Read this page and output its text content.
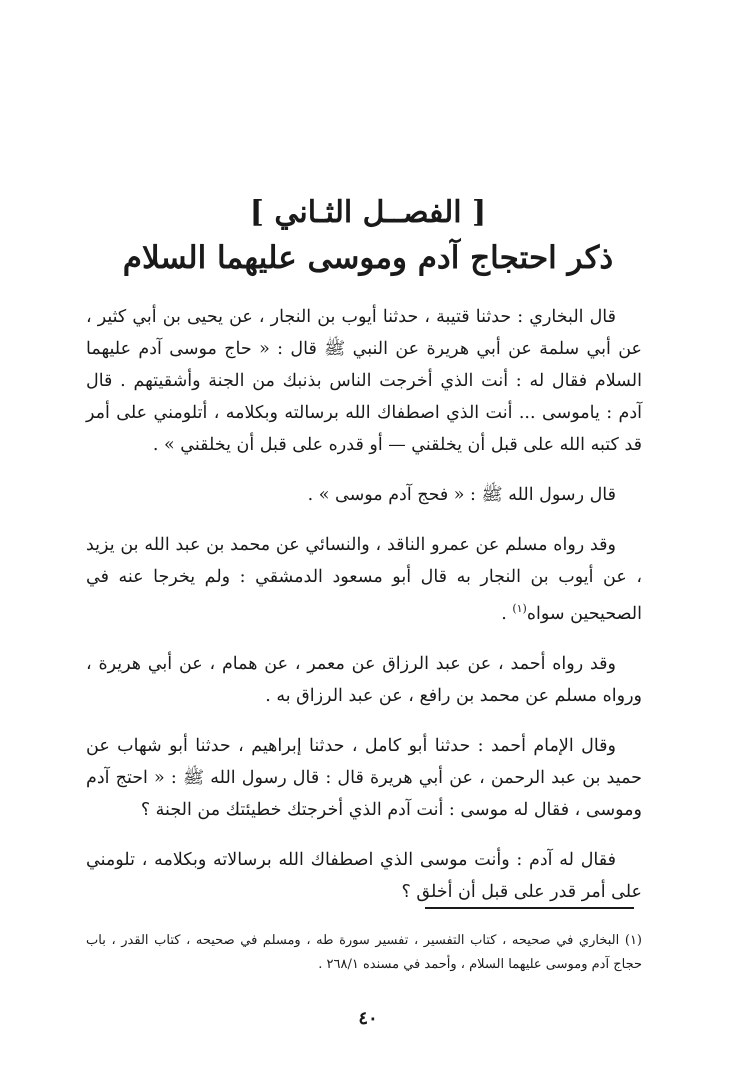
[ الفصــل الثـاني ]
ذكر احتجاج آدم وموسى عليهما السلام

قال البخاري : حدثنا قتيبة ، حدثنا أيوب بن النجار ، عن يحيى بن أبي كثير ، عن أبي سلمة عن أبي هريرة عن النبي ﷺ قال : « حاج موسى آدم عليهما السلام فقال له : أنت الذي أخرجت الناس بذنبك من الجنة وأشقيتهم . قال آدم : ياموسى ... أنت الذي اصطفاك الله برسالته وبكلامه ، أتلومني على أمر قد كتبه الله على قبل أن يخلقني — أو قدره على قبل أن يخلقني » .

قال رسول الله ﷺ : « فحج آدم موسى » .

وقد رواه مسلم عن عمرو الناقد ، والنسائي عن محمد بن عبد الله بن يزيد ، عن أيوب بن النجار به قال أبو مسعود الدمشقي : ولم يخرجا عنه في الصحيحين سواه$^{(١)}$ .

وقد رواه أحمد ، عن عبد الرزاق عن معمر ، عن همام ، عن أبي هريرة ، ورواه مسلم عن محمد بن رافع ، عن عبد الرزاق به .

وقال الإمام أحمد : حدثنا أبو كامل ، حدثنا إبراهيم ، حدثنا أبو شهاب عن حميد بن عبد الرحمن ، عن أبي هريرة قال : قال رسول الله ﷺ : « احتج آدم وموسى ، فقال له موسى : أنت آدم الذي أخرجتك خطيئتك من الجنة ؟

فقال له آدم : وأنت موسى الذي اصطفاك الله برسالاته وبكلامه ، تلومني على أمر قدر على قبل أن أخلق ؟

(١) البخاري في صحيحه ، كتاب التفسير ، تفسير سورة طه ، ومسلم في صحيحه ، كتاب القدر ، باب حجاج آدم وموسى عليهما السلام ، وأحمد في مسنده ٢٦٨/١ .
٤٠
